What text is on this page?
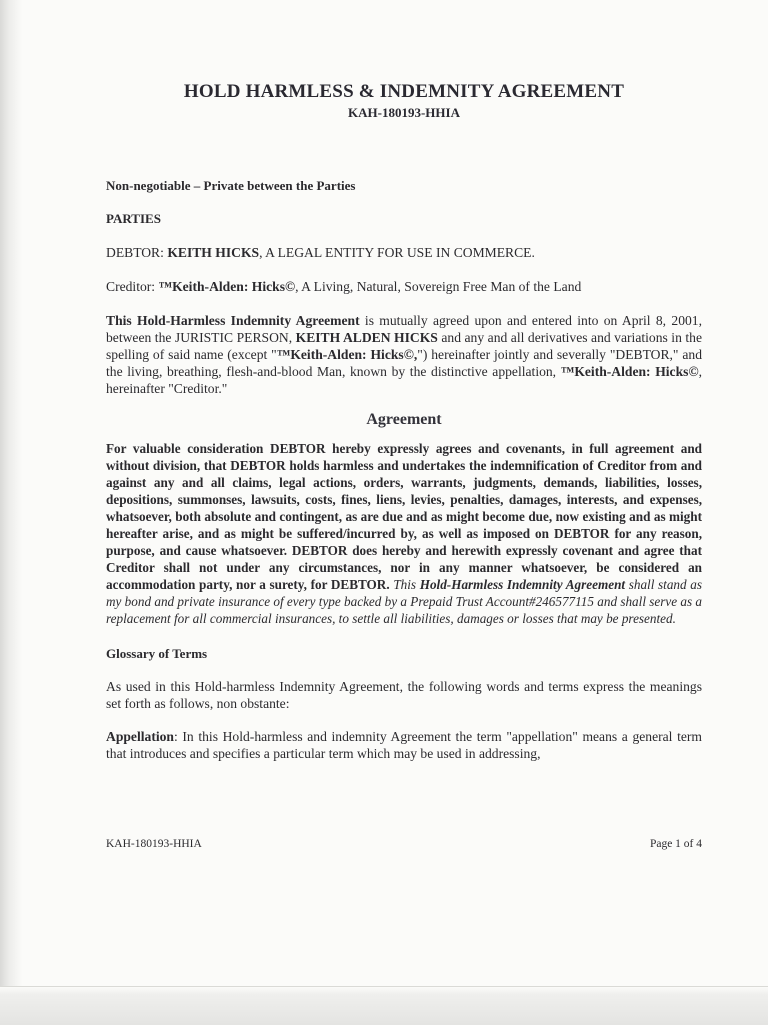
HOLD HARMLESS & INDEMNITY AGREEMENT
KAH-180193-HHIA

Non-negotiable – Private between the Parties

PARTIES

DEBTOR: KEITH HICKS, A LEGAL ENTITY FOR USE IN COMMERCE.

Creditor: ™Keith-Alden: Hicks©, A Living, Natural, Sovereign Free Man of the Land

This Hold-Harmless Indemnity Agreement is mutually agreed upon and entered into on April 8, 2001, between the JURISTIC PERSON, KEITH ALDEN HICKS and any and all derivatives and variations in the spelling of said name (except "™Keith-Alden: Hicks©,") hereinafter jointly and severally "DEBTOR," and the living, breathing, flesh-and-blood Man, known by the distinctive appellation, ™Keith-Alden: Hicks©, hereinafter "Creditor."

Agreement

For valuable consideration DEBTOR hereby expressly agrees and covenants, in full agreement and without division, that DEBTOR holds harmless and undertakes the indemnification of Creditor from and against any and all claims, legal actions, orders, warrants, judgments, demands, liabilities, losses, depositions, summonses, lawsuits, costs, fines, liens, levies, penalties, damages, interests, and expenses, whatsoever, both absolute and contingent, as are due and as might become due, now existing and as might hereafter arise, and as might be suffered/incurred by, as well as imposed on DEBTOR for any reason, purpose, and cause whatsoever. DEBTOR does hereby and herewith expressly covenant and agree that Creditor shall not under any circumstances, nor in any manner whatsoever, be considered an accommodation party, nor a surety, for DEBTOR. This Hold-Harmless Indemnity Agreement shall stand as my bond and private insurance of every type backed by a Prepaid Trust Account#246577115 and shall serve as a replacement for all commercial insurances, to settle all liabilities, damages or losses that may be presented.

Glossary of Terms

As used in this Hold-harmless Indemnity Agreement, the following words and terms express the meanings set forth as follows, non obstante:

Appellation: In this Hold-harmless and indemnity Agreement the term "appellation" means a general term that introduces and specifies a particular term which may be used in addressing,

KAH-180193-HHIA	Page 1 of 4
